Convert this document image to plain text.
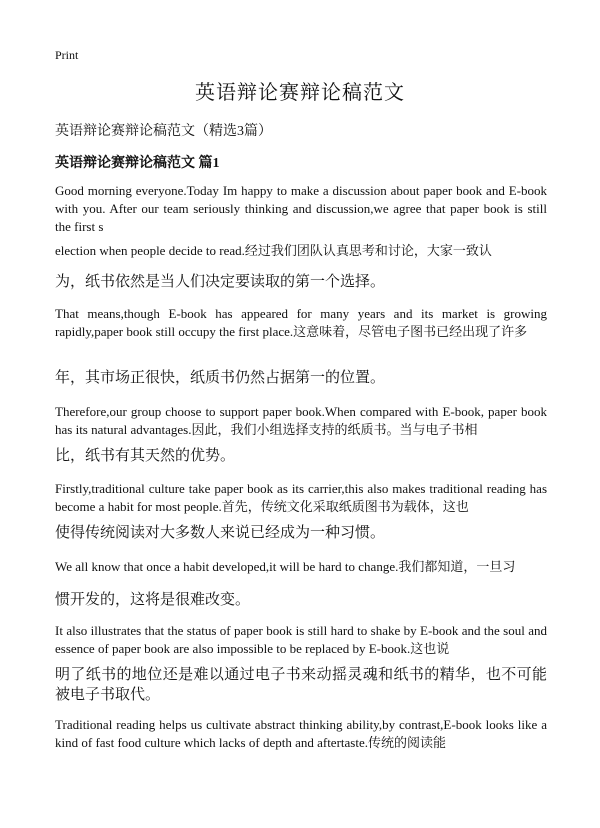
Print
英语辩论赛辩论稿范文
英语辩论赛辩论稿范文（精选3篇）
英语辩论赛辩论稿范文 篇1

Good morning everyone.Today Im happy to make a discussion about paper book and E-book with you. After our team seriously thinking and discussion,we agree that paper book is still the first s

election when people decide to read.经过我们团队认真思考和讨论，大家一致认

为，纸书依然是当人们决定要读取的第一个选择。

That means,though E-book has appeared for many years and its market is growing rapidly,paper book still occupy the first place.这意味着，尽管电子图书已经出现了许多

年，其市场正很快，纸质书仍然占据第一的位置。

Therefore,our group choose to support paper book.When compared with E-book, paper book has its natural advantages.因此，我们小组选择支持的纸质书。当与电子书相

比，纸书有其天然的优势。

Firstly,traditional culture take paper book as its carrier,this also makes traditional reading has become a habit for most people.首先，传统文化采取纸质图书为载体，这也

使得传统阅读对大多数人来说已经成为一种习惯。

We all know that once a habit developed,it will be hard to change.我们都知道，一旦习

惯开发的，这将是很难改变。

It also illustrates that the status of paper book is still hard to shake by E-book and the soul and essence of paper book are also impossible to be replaced by E-book.这也说

明了纸书的地位还是难以通过电子书来动摇灵魂和纸书的精华，也不可能被电子书取代。

Traditional reading helps us cultivate abstract thinking ability,by contrast,E-book looks like a kind of fast food culture which lacks of depth and aftertaste.传统的阅读能
